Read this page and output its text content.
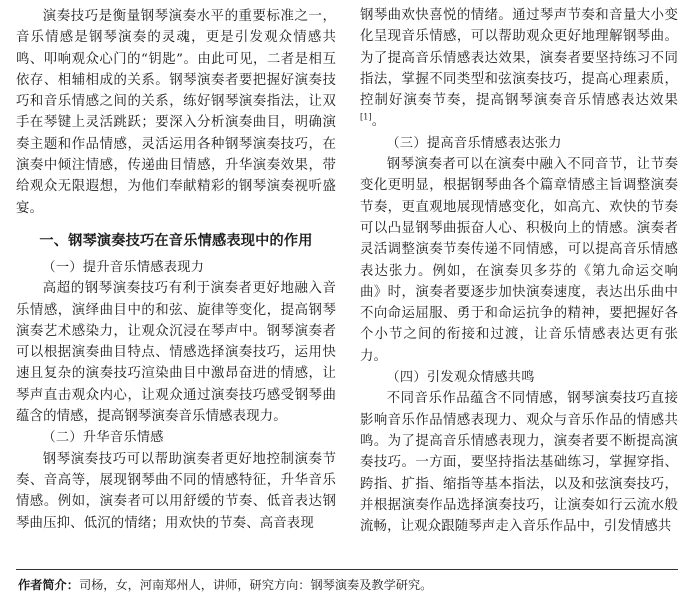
演奏技巧是衡量钢琴演奏水平的重要标准之一，音乐情感是钢琴演奏的灵魂，更是引发观众情感共鸣、叩响观众心门的“钥匙”。由此可见，二者是相互依存、相辅相成的关系。钢琴演奏者要把握好演奏技巧和音乐情感之间的关系，练好钢琴演奏指法，让双手在琴键上灵活跳跃；要深入分析演奏曲目，明确演奏主题和作品情感，灵活运用各种钢琴演奏技巧，在演奏中倾注情感，传递曲目情感，升华演奏效果，带给观众无限遐想，为他们奉献精彩的钢琴演奏视听盛宴。

一、钢琴演奏技巧在音乐情感表现中的作用
（一）提升音乐情感表现力

高超的钢琴演奏技巧有利于演奏者更好地融入音乐情感，演绎曲目中的和弦、旋律等变化，提高钢琴演奏艺术感染力，让观众沉浸在琴声中。钢琴演奏者可以根据演奏曲目特点、情感选择演奏技巧，运用快速且复杂的演奏技巧渲染曲目中激昂奋进的情感，让琴声直击观众内心，让观众通过演奏技巧感受钢琴曲蕴含的情感，提高钢琴演奏音乐情感表现力。

（二）升华音乐情感

钢琴演奏技巧可以帮助演奏者更好地控制演奏节奏、音高等，展现钢琴曲不同的情感特征，升华音乐情感。例如，演奏者可以用舒缓的节奏、低音表达钢琴曲压抑、低沉的情绪；用欢快的节奏、高音表现

钢琴曲欢快喜悦的情绪。通过琴声节奏和音量大小变化呈现音乐情感，可以帮助观众更好地理解钢琴曲。为了提高音乐情感表达效果，演奏者要坚持练习不同指法，掌握不同类型和弦演奏技巧，提高心理素质，控制好演奏节奏，提高钢琴演奏音乐情感表达效果[1]。

（三）提高音乐情感表达张力

钢琴演奏者可以在演奏中融入不同音节，让节奏变化更明显，根据钢琴曲各个篇章情感主旨调整演奏节奏，更直观地展现情感变化，如高亢、欢快的节奏可以凸显钢琴曲振奋人心、积极向上的情感。演奏者灵活调整演奏节奏传递不同情感，可以提高音乐情感表达张力。例如，在演奏贝多芬的《第九命运交响曲》时，演奏者要逐步加快演奏速度，表达出乐曲中不向命运屈服、勇于和命运抗争的精神，要把握好各个小节之间的衔接和过渡，让音乐情感表达更有张力。

（四）引发观众情感共鸣

不同音乐作品蕴含不同情感，钢琴演奏技巧直接影响音乐作品情感表现力、观众与音乐作品的情感共鸣。为了提高音乐情感表现力，演奏者要不断提高演奏技巧。一方面，要坚持指法基础练习，掌握穿指、跨指、扩指、缩指等基本指法，以及和弦演奏技巧，并根据演奏作品选择演奏技巧，让演奏如行云流水般流畅，让观众跟随琴声走入音乐作品中，引发情感共

作者简介：司杨，女，河南郑州人，讲师，研究方向：钢琴演奏及教学研究。
